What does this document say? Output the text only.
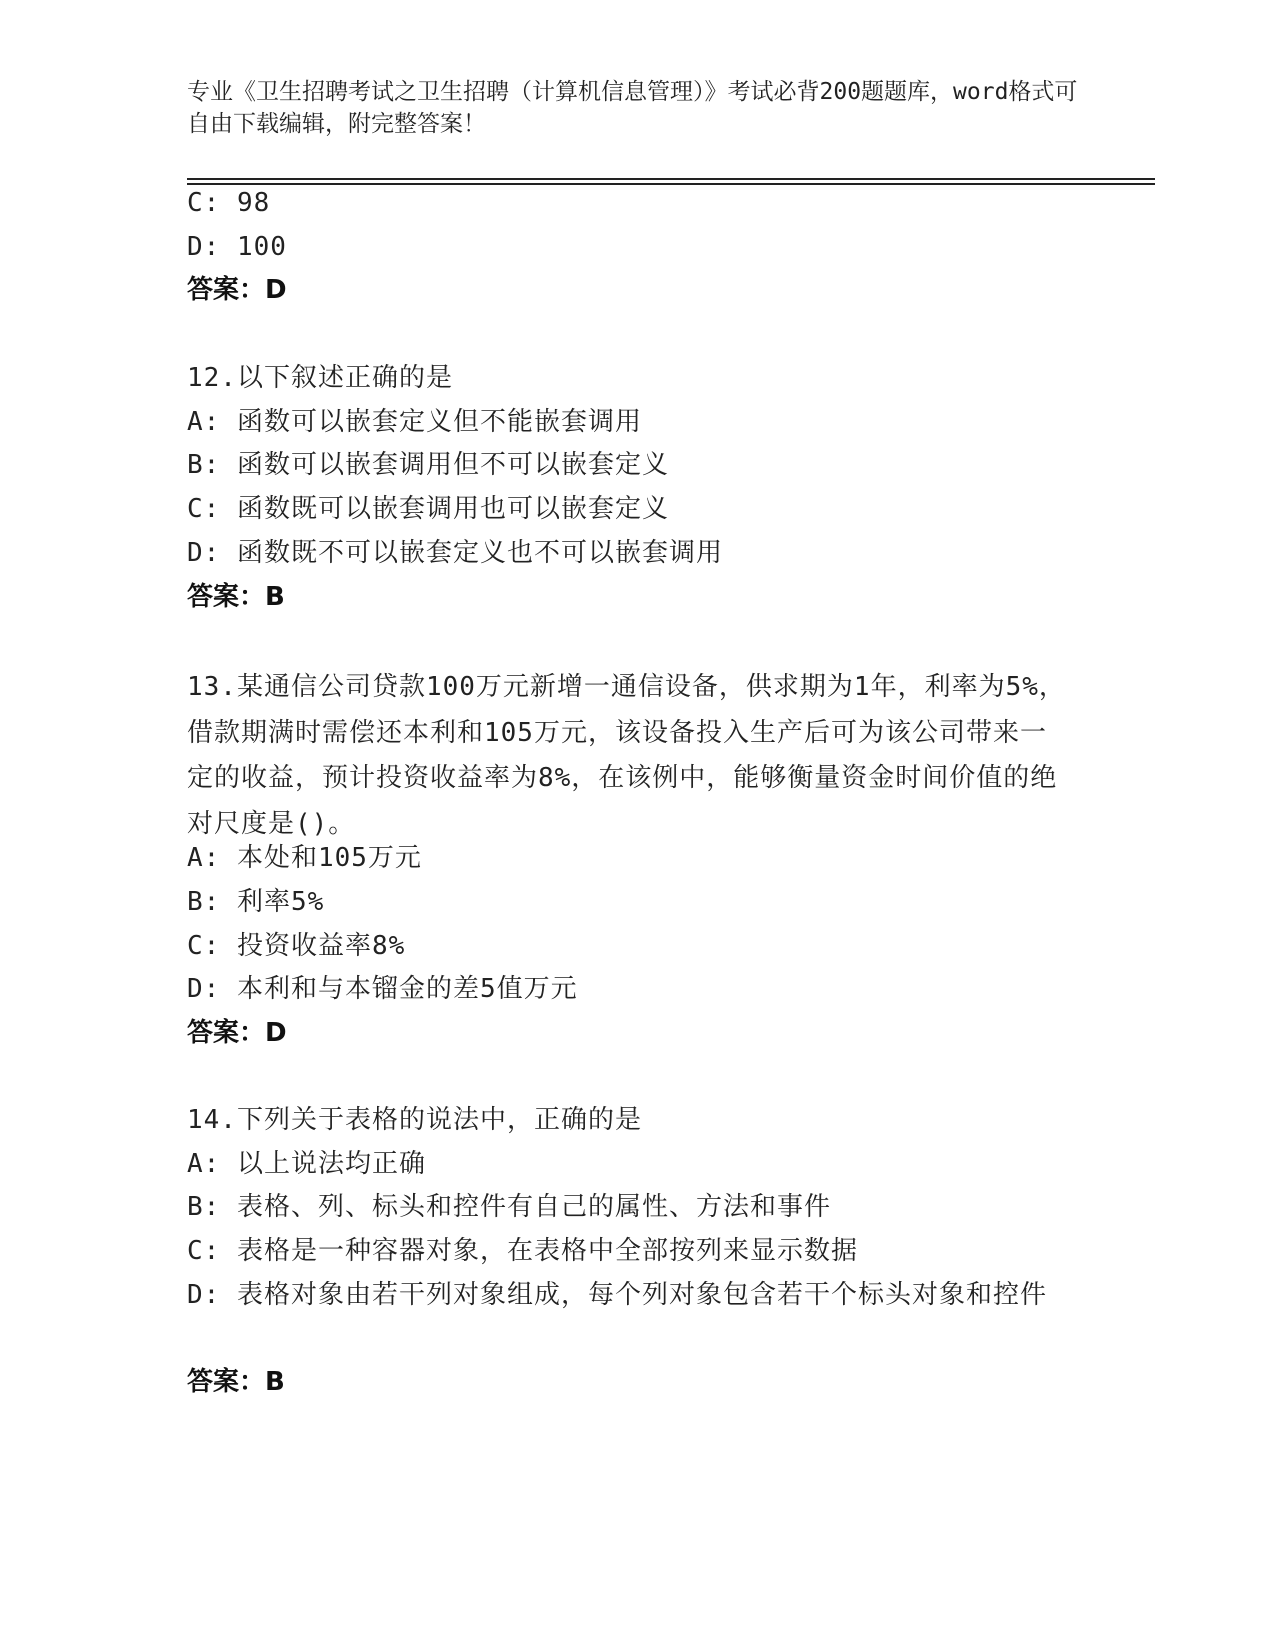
专业《卫生招聘考试之卫生招聘（计算机信息管理）》考试必背200题题库，word格式可自由下载编辑，附完整答案！
C: 98
D: 100
答案：D
12.以下叙述正确的是
A: 函数可以嵌套定义但不能嵌套调用
B: 函数可以嵌套调用但不可以嵌套定义
C: 函数既可以嵌套调用也可以嵌套定义
D: 函数既不可以嵌套定义也不可以嵌套调用
答案：B
13.某通信公司贷款100万元新增一通信设备，供求期为1年，利率为5%，借款期满时需偿还本利和105万元，该设备投入生产后可为该公司带来一定的收益，预计投资收益率为8%，在该例中，能够衡量资金时间价值的绝对尺度是()。
A: 本处和105万元
B: 利率5%
C: 投资收益率8%
D: 本利和与本镏金的差5值万元
答案：D
14.下列关于表格的说法中，正确的是
A: 以上说法均正确
B: 表格、列、标头和控件有自己的属性、方法和事件
C: 表格是一种容器对象，在表格中全部按列来显示数据
D: 表格对象由若干列对象组成，每个列对象包含若干个标头对象和控件
答案：B
